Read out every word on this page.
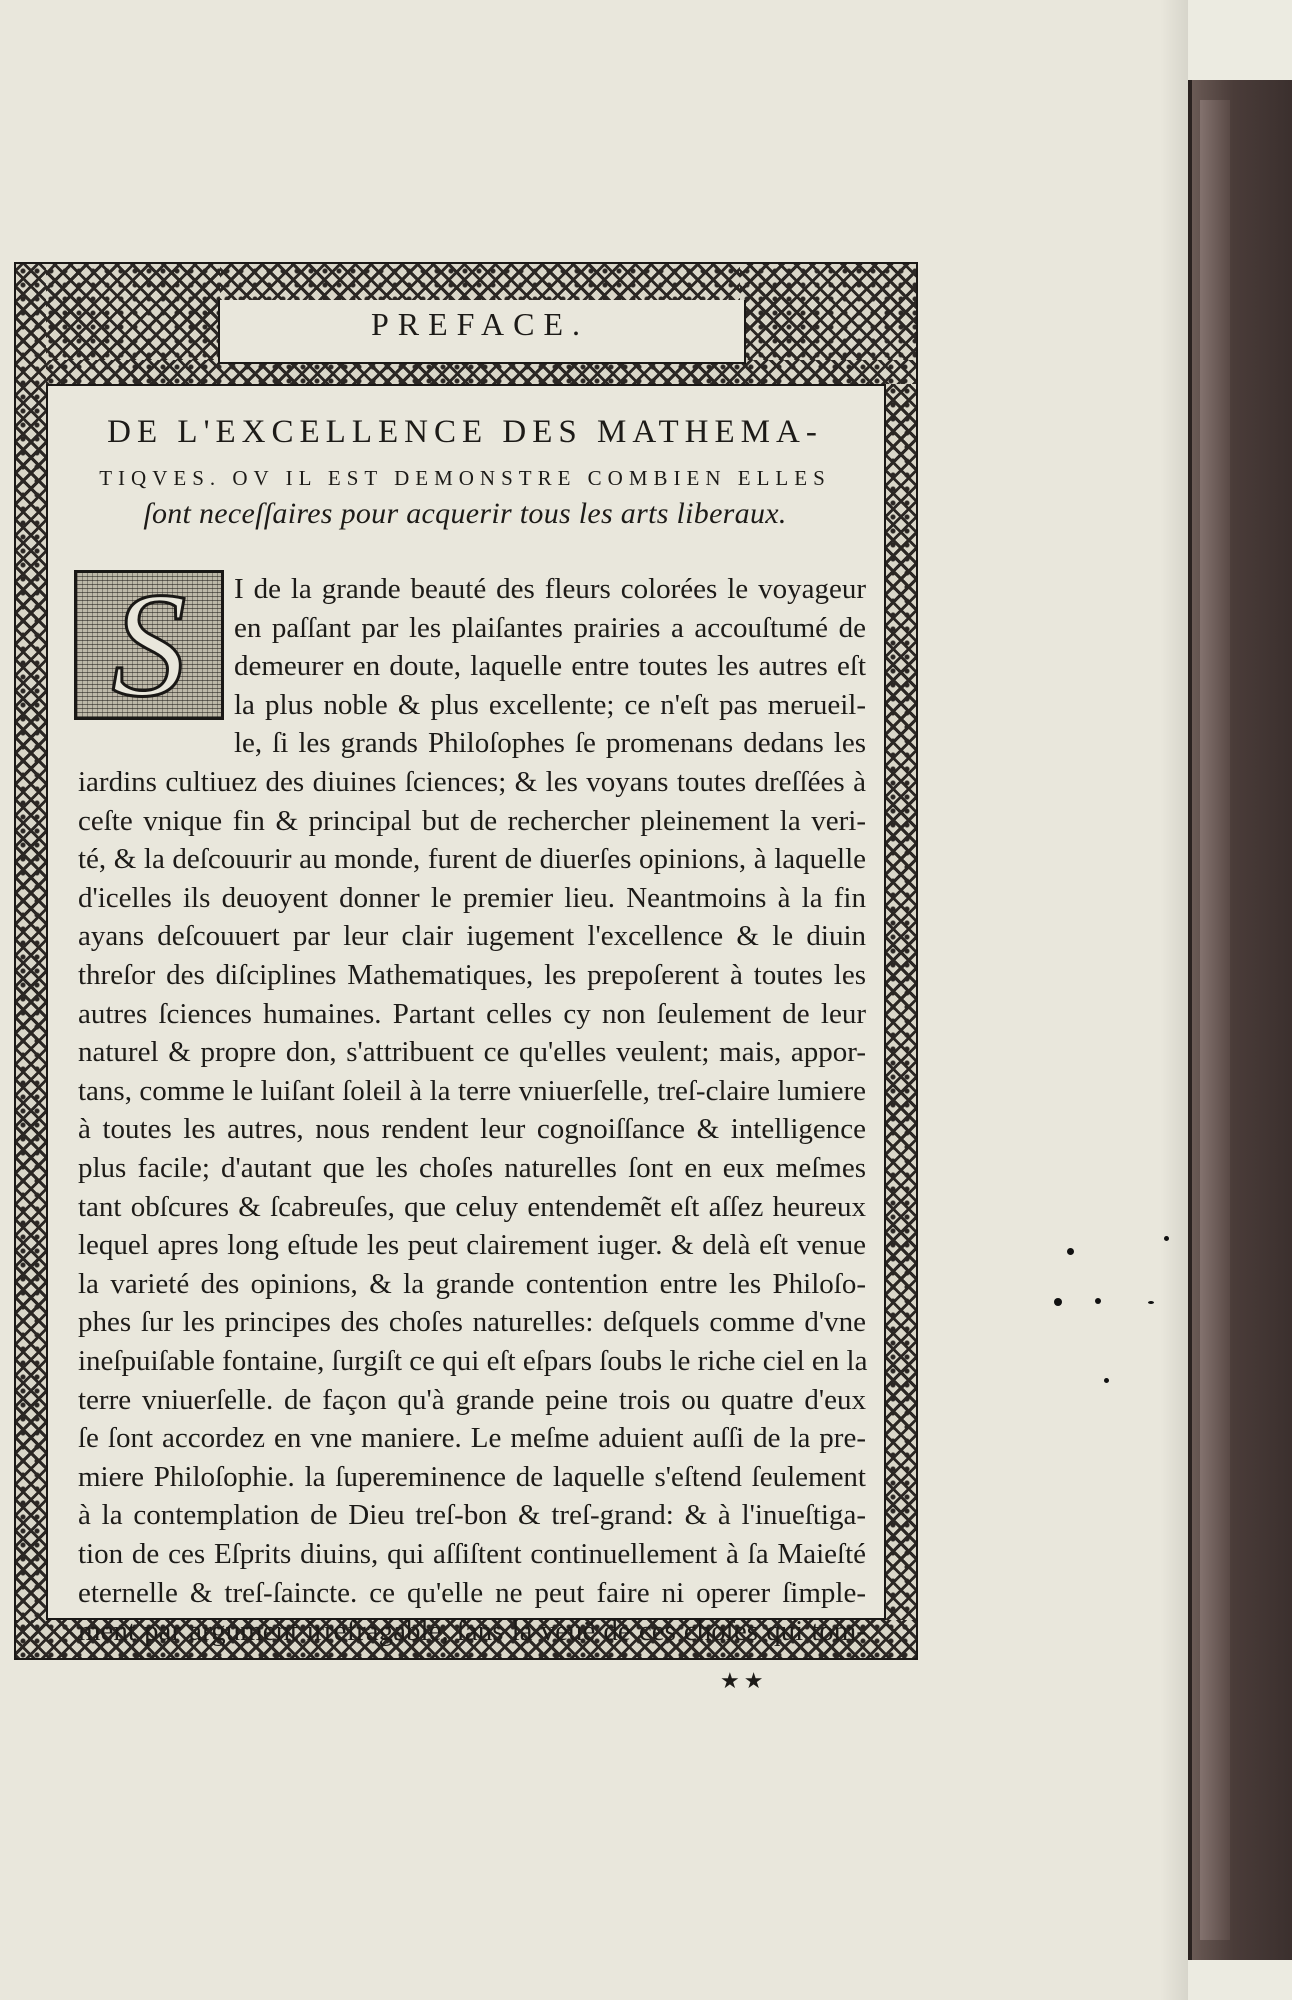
PREFACE.
DE L'EXCELLENCE DES MATHEMA-
TIQVES. OV IL EST DEMONSTRE COMBIEN ELLES
ſont neceſſaires pour acquerir tous les arts liberaux.
S I de la grande beauté des fleurs colorées le voyageur
en paſſant par les plaiſantes prairies a accouſtumé de
demeurer en doute, laquelle entre toutes les autres eſt
la plus noble & plus excellente; ce n'eſt pas merueil-
le, ſi les grands Philoſophes ſe promenans dedans les
iardins cultiuez des diuines ſciences; & les voyans toutes dreſſées à
ceſte vnique fin & principal but de rechercher pleinement la veri-
té, & la deſcouurir au monde, furent de diuerſes opinions, à laquelle
d'icelles ils deuoyent donner le premier lieu. Neantmoins à la fin
ayans deſcouuert par leur clair iugement l'excellence & le diuin
threſor des diſciplines Mathematiques, les prepoſerent à toutes les
autres ſciences humaines. Partant celles cy non ſeulement de leur
naturel & propre don, s'attribuent ce qu'elles veulent; mais, appor-
tans, comme le luiſant ſoleil à la terre vniuerſelle, treſ-claire lumiere
à toutes les autres, nous rendent leur cognoiſſance & intelligence
plus facile; d'autant que les choſes naturelles ſont en eux meſmes
tant obſcures & ſcabreuſes, que celuy entendemẽt eſt aſſez heureux
lequel apres long eſtude les peut clairement iuger. & delà eſt venue
la varieté des opinions, & la grande contention entre les Philoſo-
phes ſur les principes des choſes naturelles: deſquels comme d'vne
ineſpuiſable fontaine, ſurgiſt ce qui eſt eſpars ſoubs le riche ciel en la
terre vniuerſelle. de façon qu'à grande peine trois ou quatre d'eux
ſe ſont accordez en vne maniere. Le meſme aduient auſſi de la pre-
miere Philoſophie. la ſupereminence de laquelle s'eſtend ſeulement
à la contemplation de Dieu treſ-bon & treſ-grand: & à l'inueſtiga-
tion de ces Eſprits diuins, qui aſſiſtent continuellement à ſa Maieſté
eternelle & treſ-ſaincte. ce qu'elle ne peut faire ni operer ſimple-
ment par argument irrefragable, ſans la veuë de ces choſes qui tom-
★★
